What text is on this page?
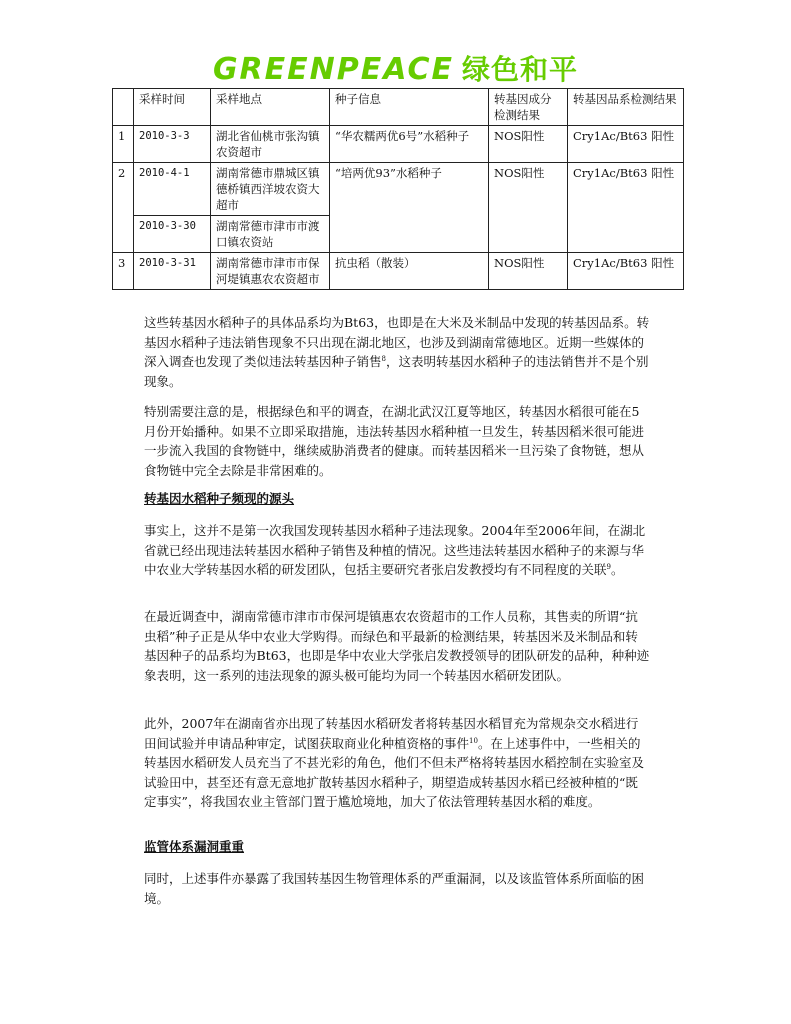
GREENPEACE 绿色和平
	采样时间	采样地点	种子信息	转基因成分检测结果	转基因品系检测结果
1	2010-3-3	湖北省仙桃市张沟镇农资超市	“华农糯两优6号”水稻种子	NOS阳性	Cry1Ac/Bt63 阳性
2	2010-4-1	湖南常德市鼎城区镇德桥镇西洋坡农资大超市	“培两优93”水稻种子	NOS阳性	Cry1Ac/Bt63 阳性
	2010-3-30	湖南常德市津市市渡口镇农资站			
3	2010-3-31	湖南常德市津市市保河堤镇惠农农资超市	抗虫稻（散装）	NOS阳性	Cry1Ac/Bt63 阳性

这些转基因水稻种子的具体品系均为Bt63，也即是在大米及米制品中发现的转基因品系。转基因水稻种子违法销售现象不只出现在湖北地区，也涉及到湖南常德地区。近期一些媒体的深入调查也发现了类似违法转基因种子销售$^8$，这表明转基因水稻种子的违法销售并不是个别现象。

特别需要注意的是，根据绿色和平的调查，在湖北武汉江夏等地区，转基因水稻很可能在5月份开始播种。如果不立即采取措施，违法转基因水稻种植一旦发生，转基因稻米很可能进一步流入我国的食物链中，继续威胁消费者的健康。而转基因稻米一旦污染了食物链，想从食物链中完全去除是非常困难的。

转基因水稻种子频现的源头

事实上，这并不是第一次我国发现转基因水稻种子违法现象。2004年至2006年间，在湖北省就已经出现违法转基因水稻种子销售及种植的情况。这些违法转基因水稻种子的来源与华中农业大学转基因水稻的研发团队，包括主要研究者张启发教授均有不同程度的关联$^9$。

在最近调查中，湖南常德市津市市保河堤镇惠农农资超市的工作人员称，其售卖的所谓“抗虫稻”种子正是从华中农业大学购得。而绿色和平最新的检测结果，转基因米及米制品和转基因种子的品系均为Bt63，也即是华中农业大学张启发教授领导的团队研发的品种，种种迹象表明，这一系列的违法现象的源头极可能均为同一个转基因水稻研发团队。

此外，2007年在湖南省亦出现了转基因水稻研发者将转基因水稻冒充为常规杂交水稻进行田间试验并申请品种审定，试图获取商业化种植资格的事件$^{10}$。在上述事件中，一些相关的转基因水稻研发人员充当了不甚光彩的角色，他们不但未严格将转基因水稻控制在实验室及试验田中，甚至还有意无意地扩散转基因水稻种子，期望造成转基因水稻已经被种植的“既定事实”，将我国农业主管部门置于尴尬境地，加大了依法管理转基因水稻的难度。

监管体系漏洞重重

同时，上述事件亦暴露了我国转基因生物管理体系的严重漏洞，以及该监管体系所面临的困境。
